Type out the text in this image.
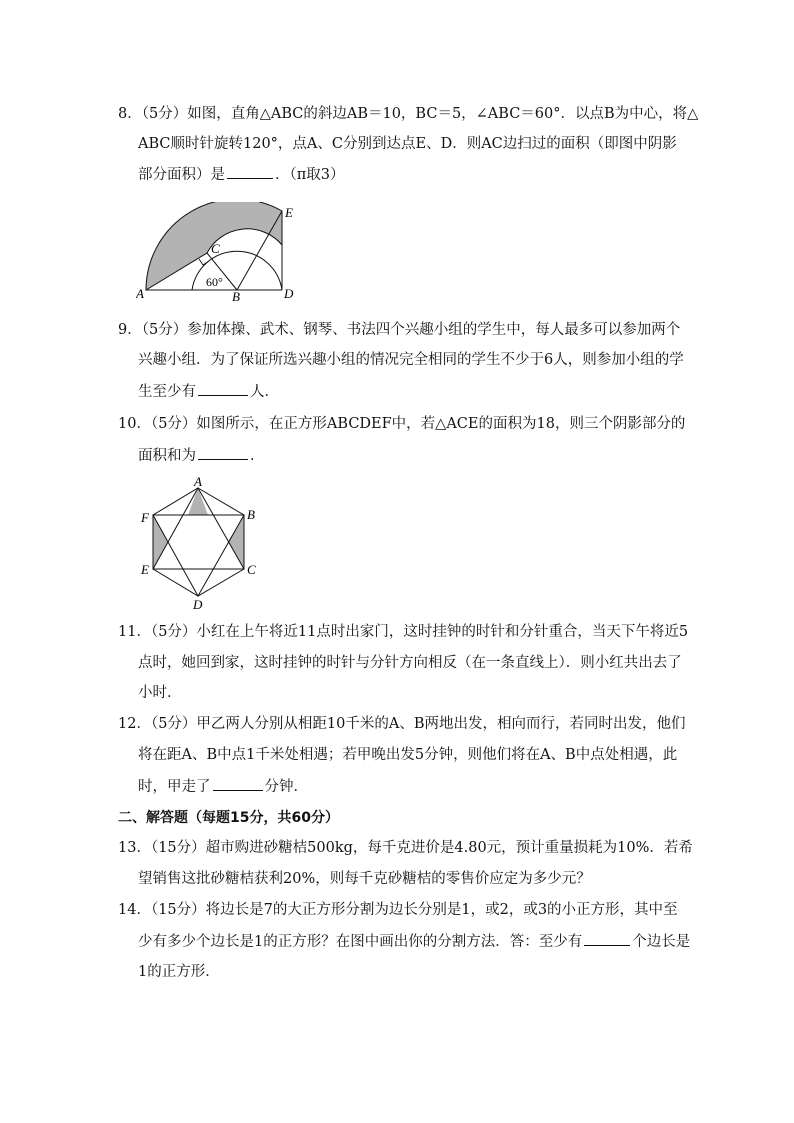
8．（5分）如图，直角△ABC的斜边AB＝10，BC＝5，∠ABC＝60°．以点B为中心，将△

ABC顺时针旋转120°，点A、C分别到达点E、D．则AC边扫过的面积（即图中阴影

部分面积）是	．（π取3）

A	B
C
D
E
60°

9．（5分）参加体操、武术、钢琴、书法四个兴趣小组的学生中，每人最多可以参加两个

兴趣小组．为了保证所选兴趣小组的情况完全相同的学生不少于6人，则参加小组的学

生至少有	人．

10．（5分）如图所示，在正方形ABCDEF中，若△ACE的面积为18，则三个阴影部分的

面积和为	．

A
B
C
D
E
F

11．（5分）小红在上午将近11点时出家门，这时挂钟的时针和分针重合，当天下午将近5

点时，她回到家，这时挂钟的时针与分针方向相反（在一条直线上）．则小红共出去了

小时．

12．（5分）甲乙两人分别从相距10千米的A、B两地出发，相向而行，若同时出发，他们

将在距A、B中点1千米处相遇；若甲晚出发5分钟，则他们将在A、B中点处相遇，此

时，甲走了	分钟．

二、解答题（每题15分，共60分）

13．（15分）超市购进砂糖桔500kg，每千克进价是4.80元，预计重量损耗为10%．若希

望销售这批砂糖桔获利20%，则每千克砂糖桔的零售价应定为多少元？

14．（15分）将边长是7的大正方形分割为边长分别是1，或2，或3的小正方形，其中至

少有多少个边长是1的正方形？在图中画出你的分割方法．答：至少有	个边长是

1的正方形．
